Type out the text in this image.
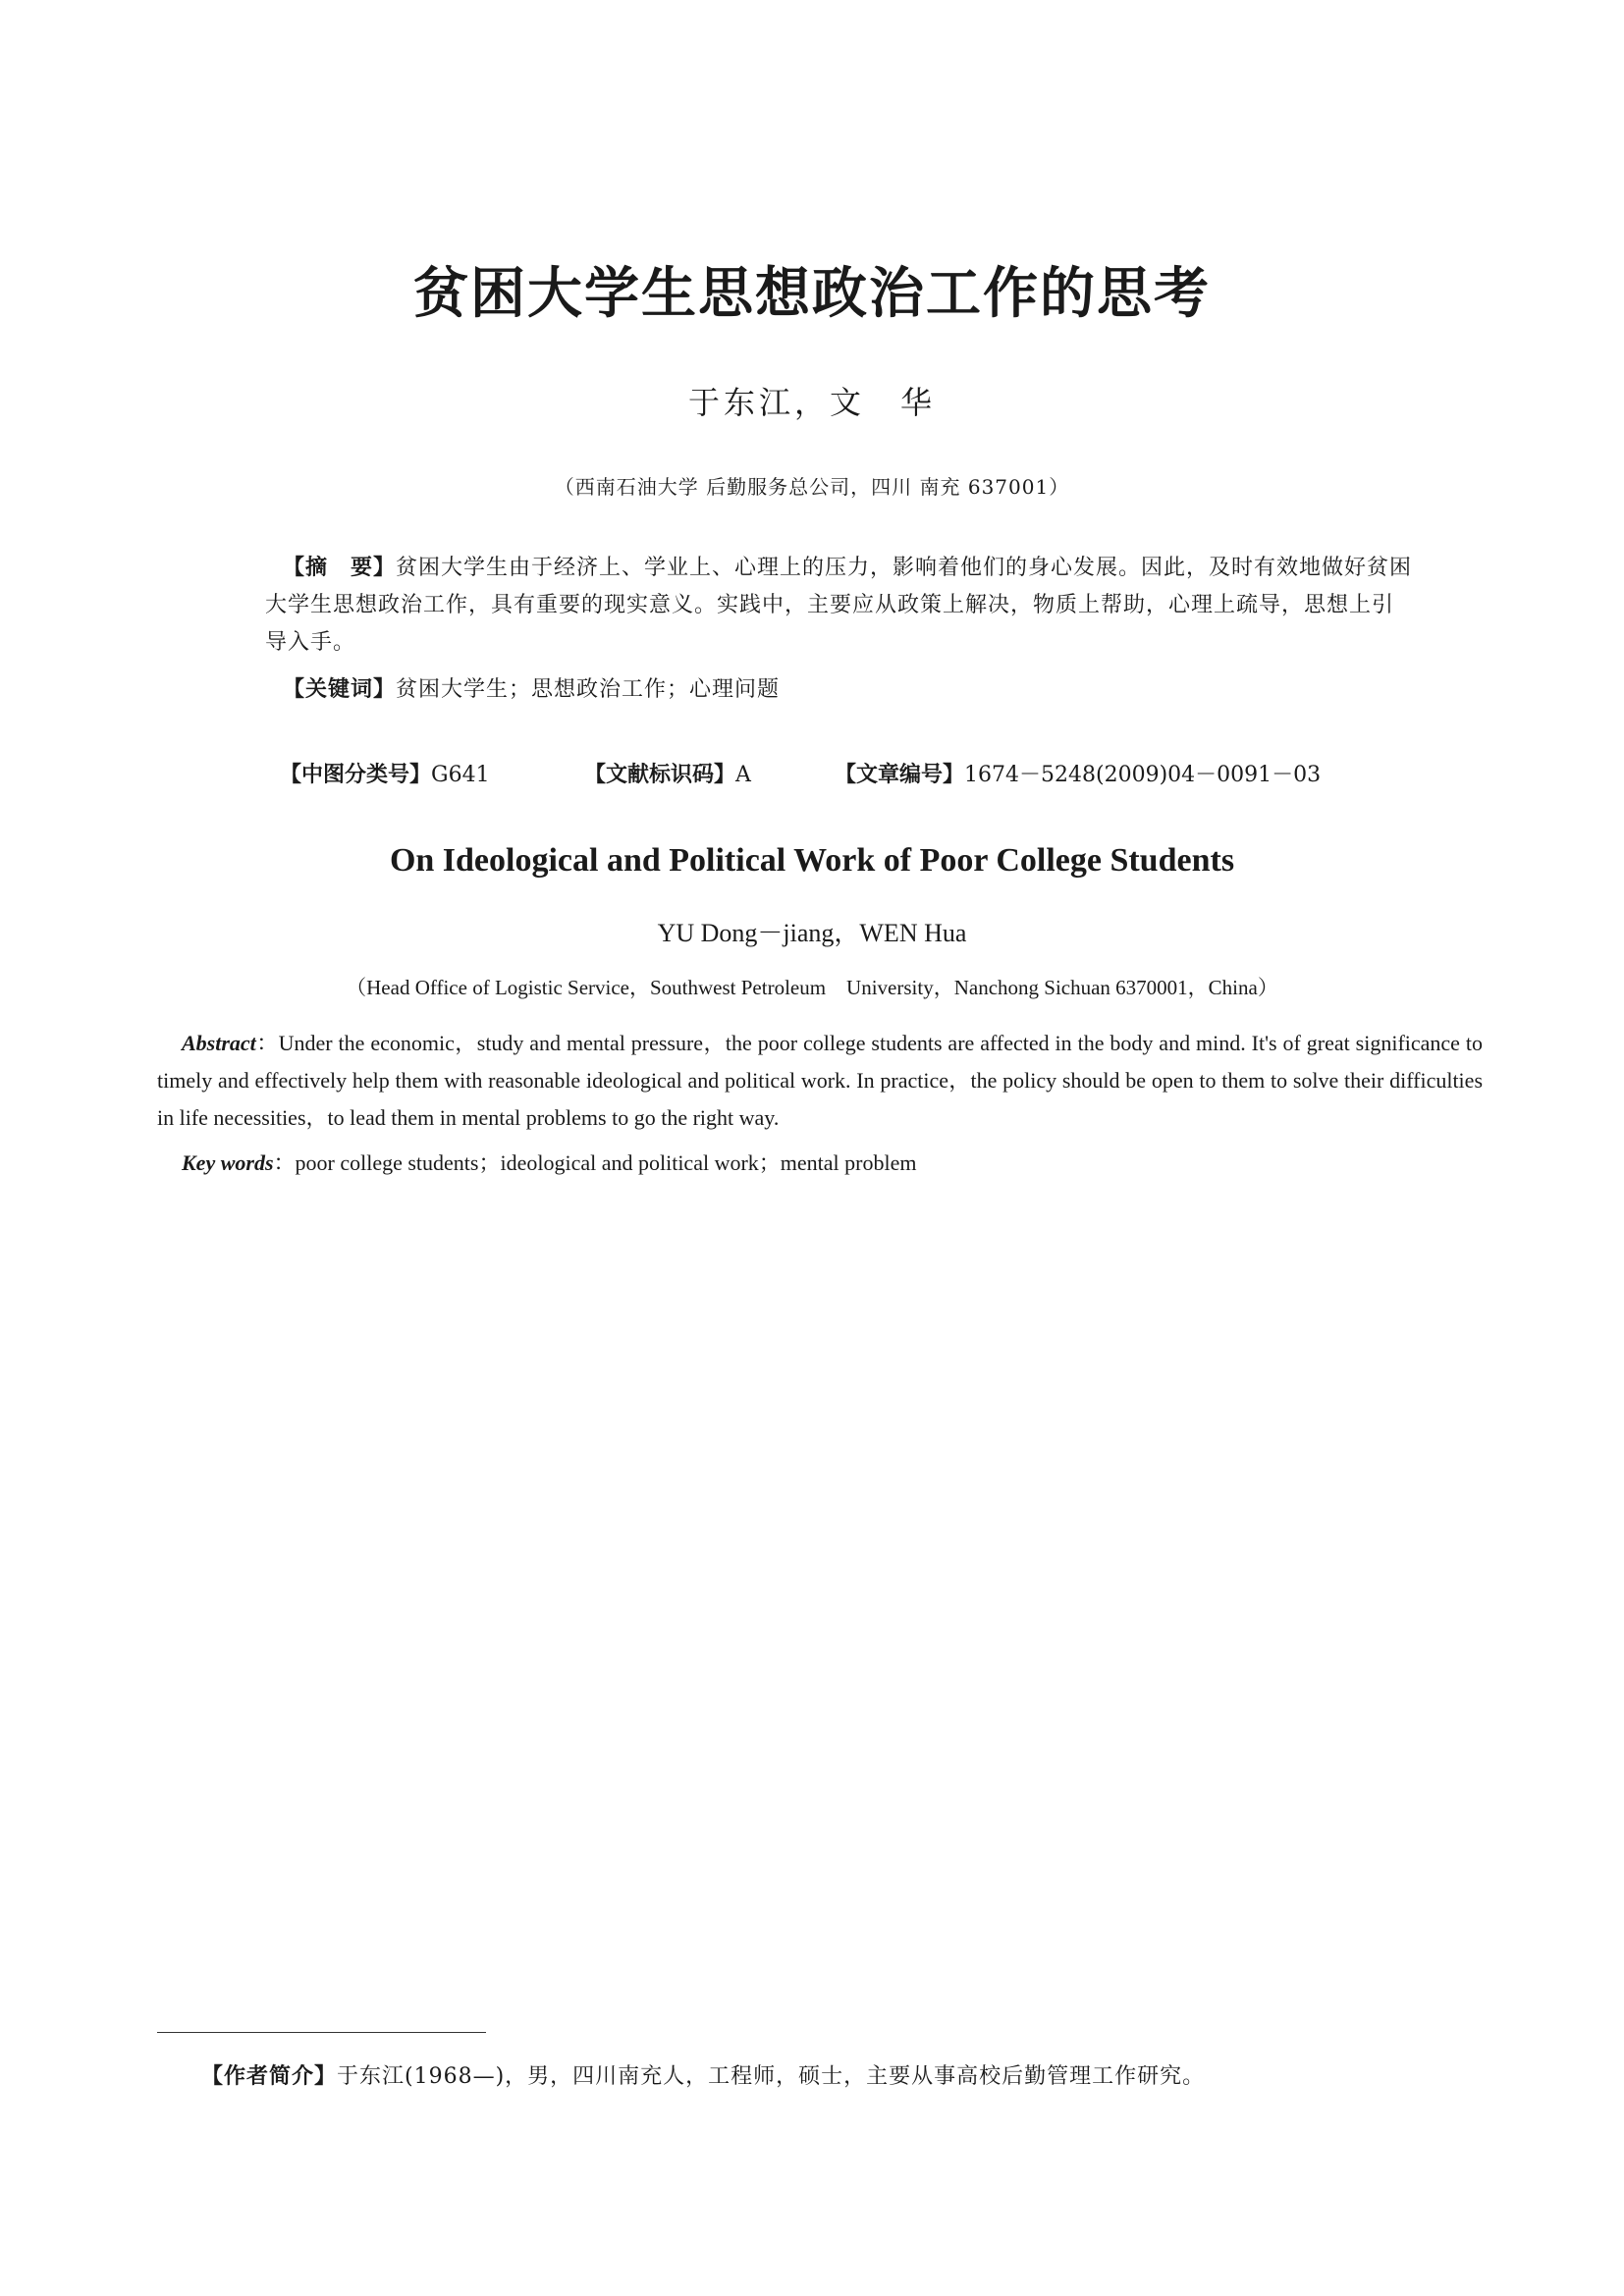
贫困大学生思想政治工作的思考
于东江，文　华
（西南石油大学 后勤服务总公司，四川 南充 637001）
【摘　要】贫困大学生由于经济上、学业上、心理上的压力，影响着他们的身心发展。因此，及时有效地做好贫困大学生思想政治工作，具有重要的现实意义。实践中，主要应从政策上解决，物质上帮助，心理上疏导，思想上引导入手。
【关键词】贫困大学生；思想政治工作；心理问题
【中图分类号】G641	【文献标识码】A	【文章编号】1674－5248(2009)04－0091－03
On Ideological and Political Work of Poor College Students
YU Dong－jiang，WEN Hua
（Head Office of Logistic Service，Southwest Petroleum　University，Nanchong Sichuan 6370001，China）
Abstract：Under the economic，study and mental pressure，the poor college students are affected in the body and mind. It's of great significance to timely and effectively help them with reasonable ideological and political work. In practice，the policy should be open to them to solve their difficulties in life necessities，to lead them in mental problems to go the right way.
Key words：poor college students；ideological and political work；mental problem
【作者简介】于东江(1968—)，男，四川南充人，工程师，硕士，主要从事高校后勤管理工作研究。
